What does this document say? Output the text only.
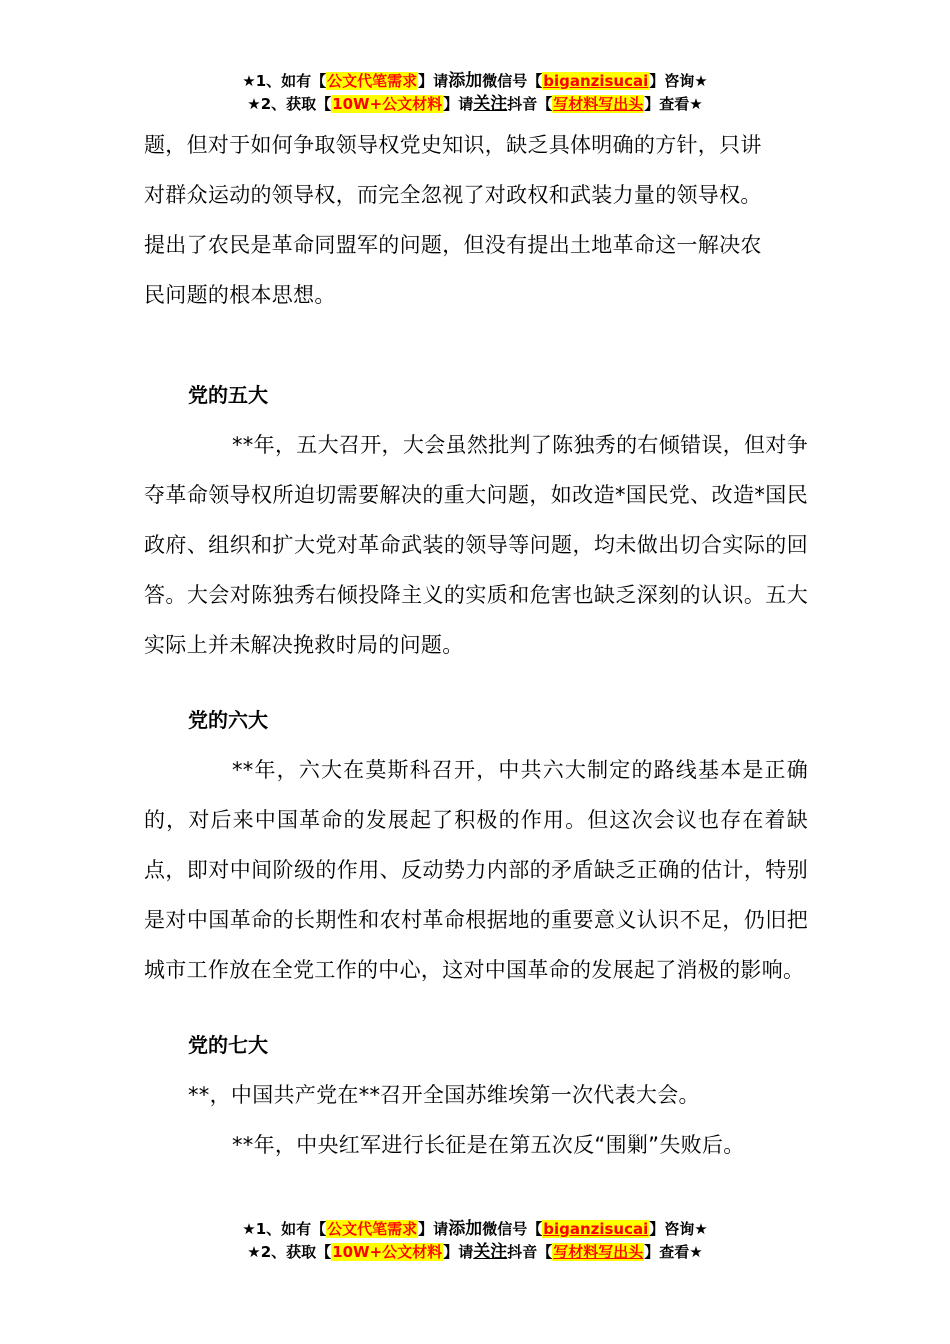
★1、如有【公文代笔需求】请添加微信号【biganzisucai】咨询★
★2、获取【10W+公文材料】请关注抖音【写材料写出头】查看★

题，但对于如何争取领导权党史知识，缺乏具体明确的方针，只讲

对群众运动的领导权，而完全忽视了对政权和武装力量的领导权。

提出了农民是革命同盟军的问题，但没有提出土地革命这一解决农

民问题的根本思想。

党的五大

**年，五大召开，大会虽然批判了陈独秀的右倾错误，但对争夺革命领导权所迫切需要解决的重大问题，如改造*国民党、改造*国民政府、组织和扩大党对革命武装的领导等问题，均未做出切合实际的回答。大会对陈独秀右倾投降主义的实质和危害也缺乏深刻的认识。五大实际上并未解决挽救时局的问题。

党的六大

**年，六大在莫斯科召开，中共六大制定的路线基本是正确的，对后来中国革命的发展起了积极的作用。但这次会议也存在着缺点，即对中间阶级的作用、反动势力内部的矛盾缺乏正确的估计，特别是对中国革命的长期性和农村革命根据地的重要意义认识不足，仍旧把城市工作放在全党工作的中心，这对中国革命的发展起了消极的影响。

党的七大

**，中国共产党在**召开全国苏维埃第一次代表大会。

**年，中央红军进行长征是在第五次反“围剿”失败后。

★1、如有【公文代笔需求】请添加微信号【biganzisucai】咨询★
★2、获取【10W+公文材料】请关注抖音【写材料写出头】查看★
